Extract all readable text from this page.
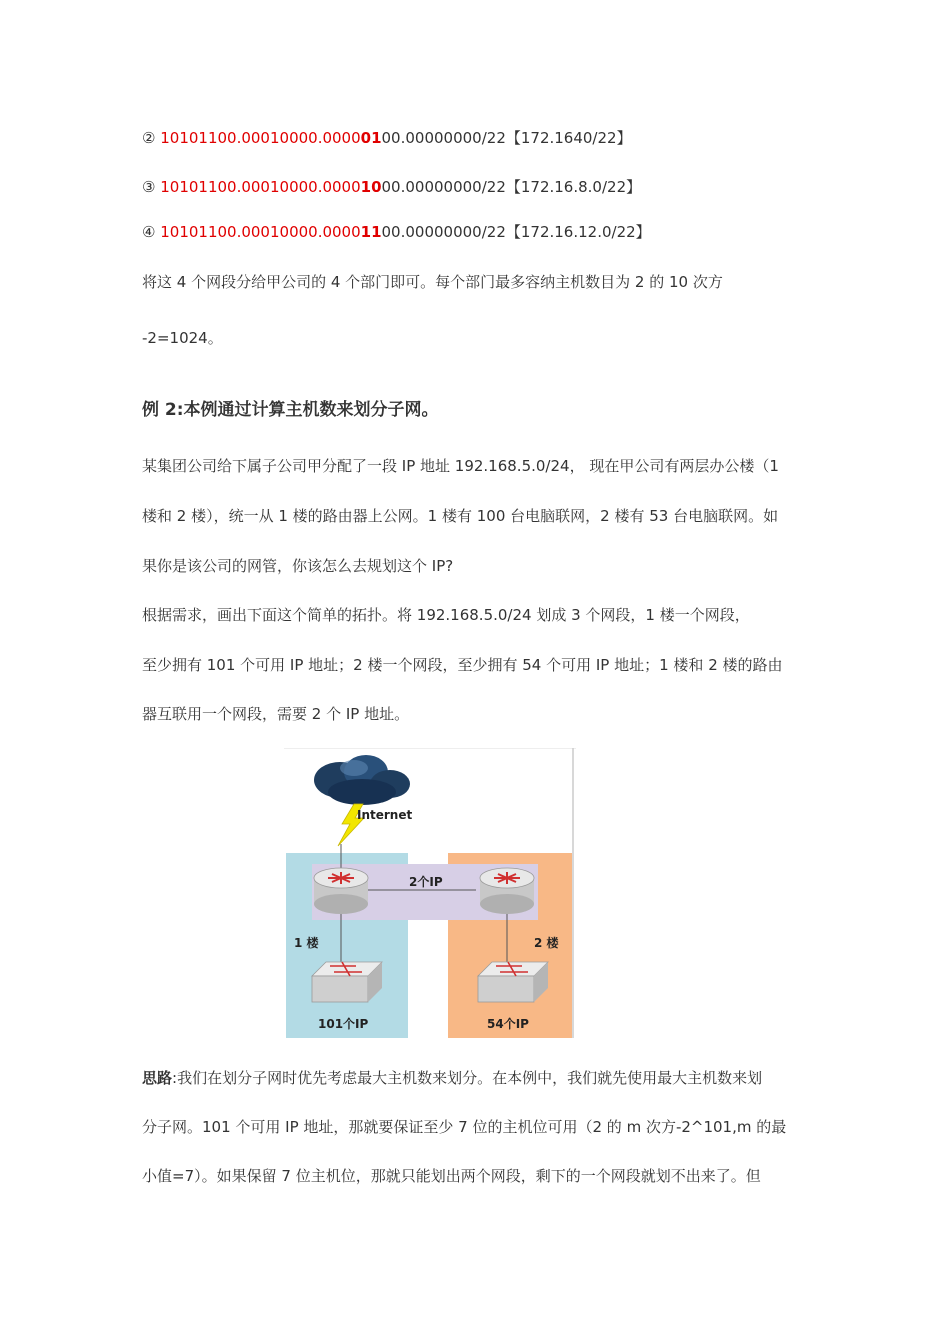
② 10101100.00010000.00000100.00000000/22【172.1640/22】
③ 10101100.00010000.00001000.00000000/22【172.16.8.0/22】
④ 10101100.00010000.00001100.00000000/22【172.16.12.0/22】
将这 4 个网段分给甲公司的 4 个部门即可。每个部门最多容纳主机数目为 2 的 10 次方
-2=1024。
例 2:本例通过计算主机数来划分子网。
某集团公司给下属子公司甲分配了一段 IP 地址 192.168.5.0/24， 现在甲公司有两层办公楼（1
楼和 2 楼），统一从 1 楼的路由器上公网。1 楼有 100 台电脑联网，2 楼有 53 台电脑联网。如
果你是该公司的网管，你该怎么去规划这个 IP?
根据需求，画出下面这个简单的拓扑。将 192.168.5.0/24 划成 3 个网段，1 楼一个网段，
至少拥有 101 个可用 IP 地址；2 楼一个网段，至少拥有 54 个可用 IP 地址；1 楼和 2 楼的路由
器互联用一个网段，需要 2 个 IP 地址。
Internet
2个IP
1 楼	2 楼
101个IP	54个IP
思路:我们在划分子网时优先考虑最大主机数来划分。在本例中，我们就先使用最大主机数来划
分子网。101 个可用 IP 地址，那就要保证至少 7 位的主机位可用（2 的 m 次方-2^101,m 的最
小值=7）。如果保留 7 位主机位，那就只能划出两个网段，剩下的一个网段就划不出来了。但
